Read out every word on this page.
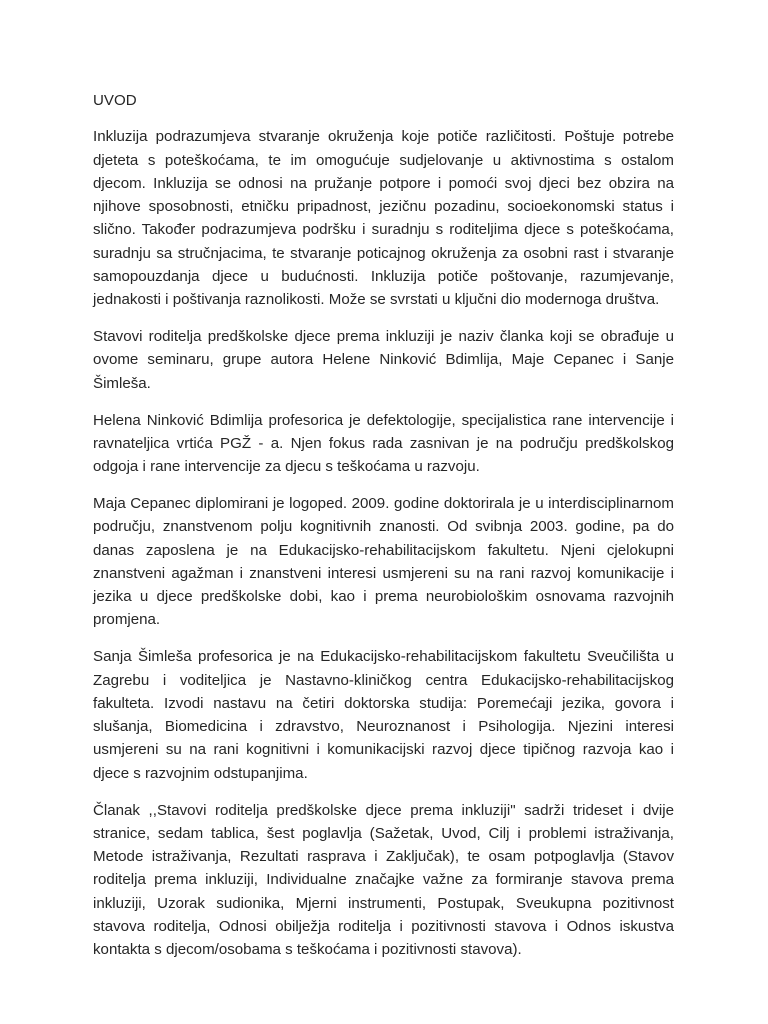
UVOD

Inkluzija podrazumjeva stvaranje okruženja koje potiče različitosti. Poštuje potrebe djeteta s poteškoćama, te im omogućuje sudjelovanje u aktivnostima s ostalom djecom. Inkluzija se odnosi na pružanje potpore i pomoći svoj djeci bez obzira na njihove sposobnosti, etničku pripadnost, jezičnu pozadinu, socioekonomski status i slično. Također podrazumjeva podršku i suradnju s roditeljima djece s poteškoćama, suradnju sa stručnjacima, te stvaranje poticajnog okruženja za osobni rast i stvaranje samopouzdanja djece u budućnosti. Inkluzija potiče poštovanje, razumjevanje, jednakosti i poštivanja raznolikosti. Može se svrstati u ključni dio modernoga društva.

Stavovi roditelja predškolske djece prema inkluziji je naziv članka koji se obrađuje u ovome seminaru, grupe autora Helene Ninković Bdimlija, Maje Cepanec i Sanje Šimleša.

Helena Ninković Bdimlija profesorica je defektologije, specijalistica rane intervencije i ravnateljica vrtića PGŽ - a. Njen fokus rada zasnivan je na području predškolskog odgoja i rane intervencije za djecu s teškoćama u razvoju.

Maja Cepanec diplomirani je logoped. 2009. godine doktorirala je u interdisciplinarnom području, znanstvenom polju kognitivnih znanosti. Od svibnja 2003. godine, pa do danas zaposlena je na Edukacijsko-rehabilitacijskom fakultetu. Njeni cjelokupni znanstveni agažman i znanstveni interesi usmjereni su na rani razvoj komunikacije i jezika u djece predškolske dobi, kao i prema neurobiološkim osnovama razvojnih promjena.

Sanja Šimleša profesorica je na Edukacijsko-rehabilitacijskom fakultetu Sveučilišta u Zagrebu i voditeljica je Nastavno-kliničkog centra Edukacijsko-rehabilitacijskog fakulteta. Izvodi nastavu na četiri doktorska studija: Poremećaji jezika, govora i slušanja, Biomedicina i zdravstvo, Neuroznanost i Psihologija. Njezini interesi usmjereni su na rani kognitivni i komunikacijski razvoj djece tipičnog razvoja kao i djece s razvojnim odstupanjima.

Članak ,,Stavovi roditelja predškolske djece prema inkluziji" sadrži trideset i dvije stranice, sedam tablica, šest poglavlja (Sažetak, Uvod, Cilj i problemi istraživanja, Metode istraživanja, Rezultati rasprava i Zaključak), te osam potpoglavlja (Stavov roditelja prema inkluziji, Individualne značajke važne za formiranje stavova prema inkluziji, Uzorak sudionika, Mjerni instrumenti, Postupak, Sveukupna pozitivnost stavova roditelja, Odnosi obilježja roditelja i pozitivnosti stavova i Odnos iskustva kontakta s djecom/osobama s teškoćama i pozitivnosti stavova).
